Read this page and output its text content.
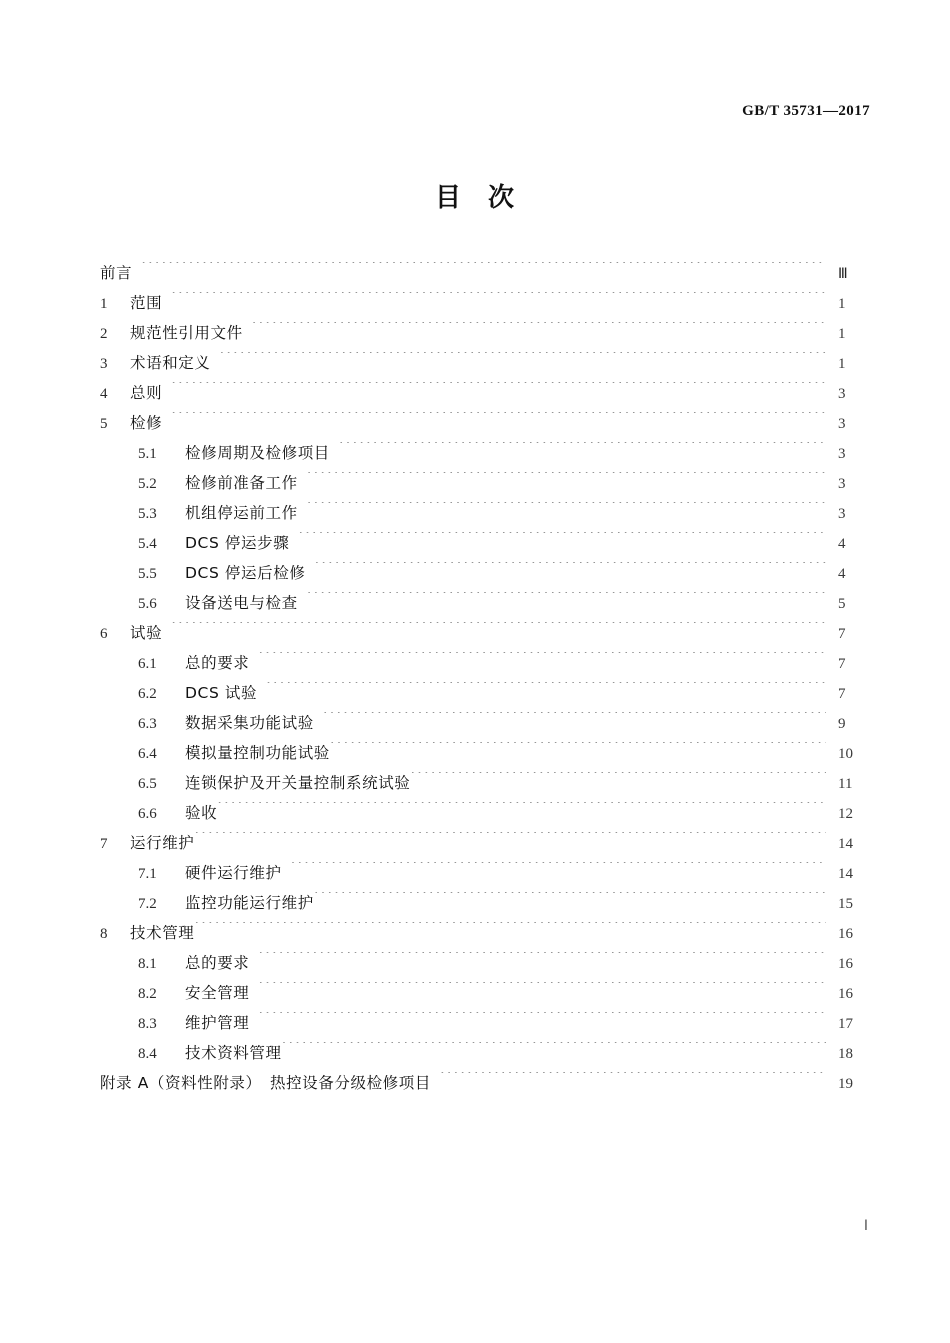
GB/T 35731—2017
目 次
前言 ·····	Ⅲ
1	范围 ·····	1
2	规范性引用文件 ·····	1
3	术语和定义 ·····	1
4	总则 ·····	3
5	检修 ·····	3
5.1	检修周期及检修项目 ·····	3
5.2	检修前准备工作 ·····	3
5.3	机组停运前工作 ·····	3
5.4	DCS 停运步骤 ·····	4
5.5	DCS 停运后检修 ·····	4
5.6	设备送电与检查 ·····	5
6	试验 ·····	7
6.1	总的要求 ·····	7
6.2	DCS 试验 ·····	7
6.3	数据采集功能试验 ·····	9
6.4	模拟量控制功能试验 ·····	10
6.5	连锁保护及开关量控制系统试验 ·····	11
6.6	验收 ·····	12
7	运行维护 ·····	14
7.1	硬件运行维护 ·····	14
7.2	监控功能运行维护 ·····	15
8	技术管理 ·····	16
8.1	总的要求 ·····	16
8.2	安全管理 ·····	16
8.3	维护管理 ·····	17
8.4	技术资料管理 ·····	18
附录 A（资料性附录）　热控设备分级检修项目 ·····	19
Ⅰ
